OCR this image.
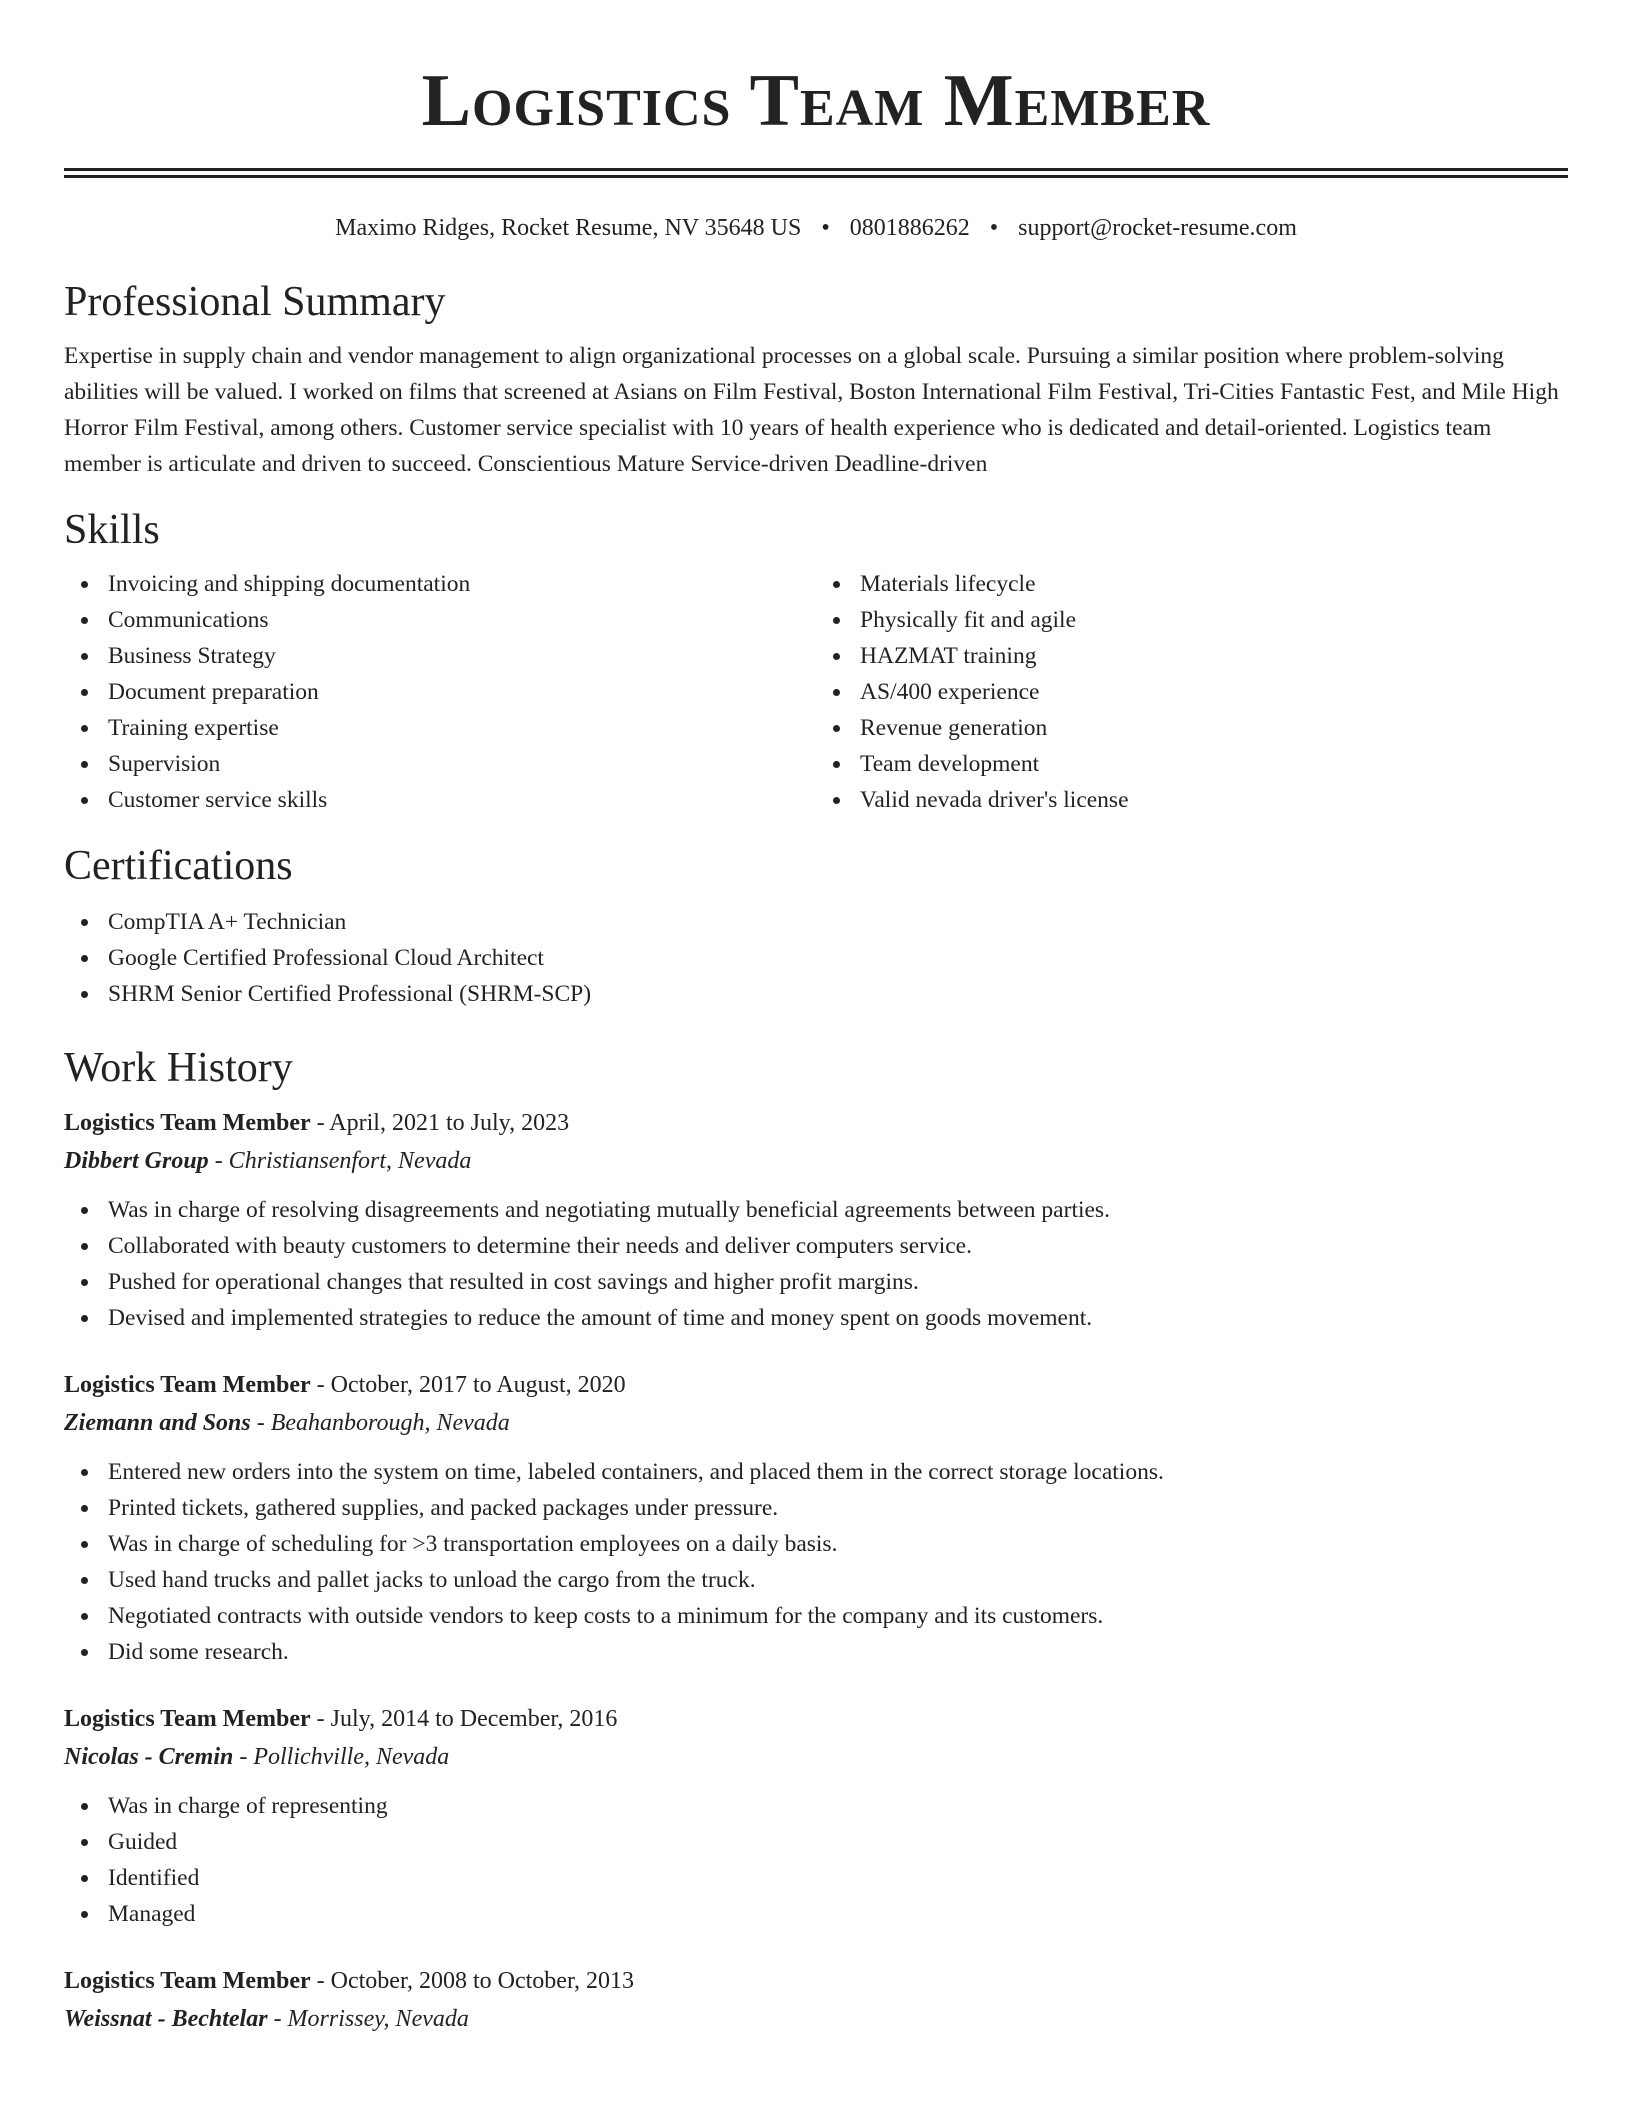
Logistics Team Member
Maximo Ridges, Rocket Resume, NV 35648 US • 0801886262 • support@rocket-resume.com
Professional Summary

Expertise in supply chain and vendor management to align organizational processes on a global scale. Pursuing a similar position where problem-solving abilities will be valued. I worked on films that screened at Asians on Film Festival, Boston International Film Festival, Tri-Cities Fantastic Fest, and Mile High Horror Film Festival, among others. Customer service specialist with 10 years of health experience who is dedicated and detail-oriented. Logistics team member is articulate and driven to succeed. Conscientious Mature Service-driven Deadline-driven

Skills
Invoicing and shipping documentation
Communications
Business Strategy
Document preparation
Training expertise
Supervision
Customer service skills
Materials lifecycle
Physically fit and agile
HAZMAT training
AS/400 experience
Revenue generation
Team development
Valid nevada driver's license
Certifications
CompTIA A+ Technician
Google Certified Professional Cloud Architect
SHRM Senior Certified Professional (SHRM-SCP)
Work History
Logistics Team Member - April, 2021 to July, 2023
Dibbert Group - Christiansenfort, Nevada
Was in charge of resolving disagreements and negotiating mutually beneficial agreements between parties.
Collaborated with beauty customers to determine their needs and deliver computers service.
Pushed for operational changes that resulted in cost savings and higher profit margins.
Devised and implemented strategies to reduce the amount of time and money spent on goods movement.
Logistics Team Member - October, 2017 to August, 2020
Ziemann and Sons - Beahanborough, Nevada
Entered new orders into the system on time, labeled containers, and placed them in the correct storage locations.
Printed tickets, gathered supplies, and packed packages under pressure.
Was in charge of scheduling for >3 transportation employees on a daily basis.
Used hand trucks and pallet jacks to unload the cargo from the truck.
Negotiated contracts with outside vendors to keep costs to a minimum for the company and its customers.
Did some research.
Logistics Team Member - July, 2014 to December, 2016
Nicolas - Cremin - Pollichville, Nevada
Was in charge of representing
Guided
Identified
Managed
Logistics Team Member - October, 2008 to October, 2013
Weissnat - Bechtelar - Morrissey, Nevada
